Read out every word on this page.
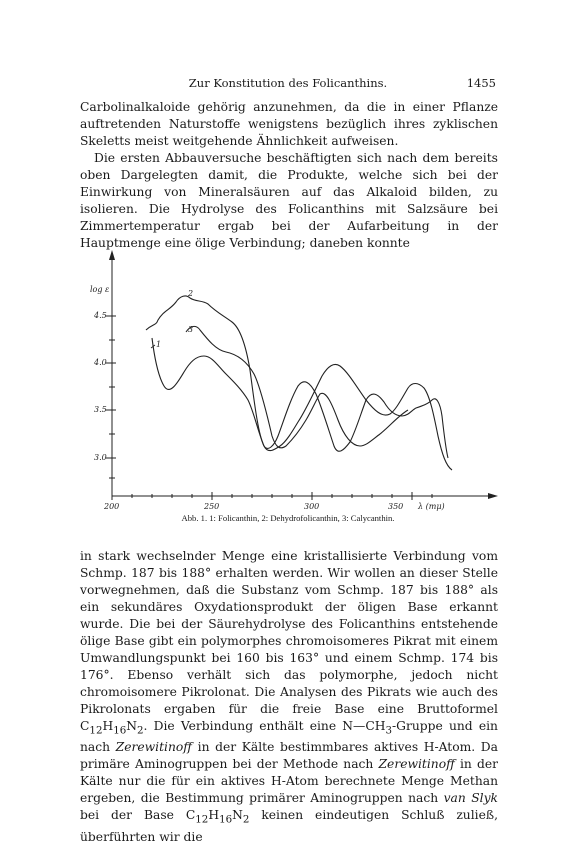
Zur Konstitution des Folicanthins.	1455

Carbolinalkaloide gehörig anzunehmen, da die in einer Pflanze auftretenden Naturstoffe wenigstens bezüglich ihres zyklischen Skeletts meist weitgehende Ähnlichkeit aufweisen.

Die ersten Abbauversuche beschäftigten sich nach dem bereits oben Dargelegten damit, die Produkte, welche sich bei der Einwirkung von Mineralsäuren auf das Alkaloid bilden, zu isolieren. Die Hydrolyse des Folicanthins mit Salzsäure bei Zimmertemperatur ergab bei der Aufarbeitung in der Hauptmenge eine ölige Verbindung; daneben konnte

log ε
4.5
4.0
3.5
3.0
200	250	300	350 λ (mμ)
1
2
3
Abb. 1. 1: Folicanthin, 2: Dehydrofolicanthin, 3: Calycanthin.

in stark wechselnder Menge eine kristallisierte Verbindung vom Schmp. 187 bis 188° erhalten werden. Wir wollen an dieser Stelle vorwegnehmen, daß die Substanz vom Schmp. 187 bis 188° als ein sekundäres Oxydationsprodukt der öligen Base erkannt wurde. Die bei der Säurehydrolyse des Folicanthins entstehende ölige Base gibt ein polymorphes chromoisomeres Pikrat mit einem Umwandlungspunkt bei 160 bis 163° und einem Schmp. 174 bis 176°. Ebenso verhält sich das polymorphe, jedoch nicht chromoisomere Pikrolonat. Die Analysen des Pikrats wie auch des Pikrolonats ergaben für die freie Base eine Bruttoformel $C_{12}H_{16}N_2$. Die Verbindung enthält eine $N—CH_3$-Gruppe und ein nach Zerewitinoff in der Kälte bestimmbares aktives H-Atom. Da primäre Aminogruppen bei der Methode nach Zerewitinoff in der Kälte nur die für ein aktives H-Atom berechnete Menge Methan ergeben, die Bestimmung primärer Aminogruppen nach van Slyk bei der Base $C_{12}H_{16}N_2$ keinen eindeutigen Schluß zuließ, überführten wir die
